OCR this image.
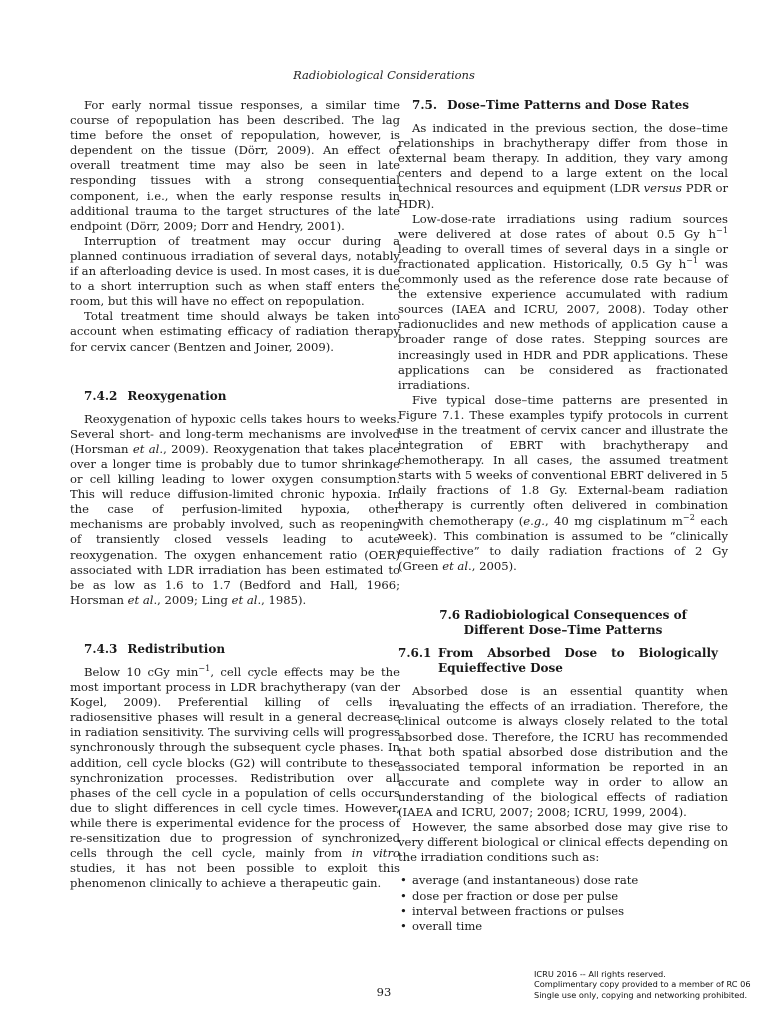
Radiobiological Considerations

For early normal tissue responses, a similar time course of repopulation has been described. The lag time before the onset of repopulation, however, is dependent on the tissue (Dörr, 2009). An effect of overall treatment time may also be seen in late responding tissues with a strong consequential component, i.e., when the early response results in additional trauma to the target structures of the late endpoint (Dörr, 2009; Dorr and Hendry, 2001).

Interruption of treatment may occur during a planned continuous irradiation of several days, notably if an afterloading device is used. In most cases, it is due to a short interruption such as when staff enters the room, but this will have no effect on repopulation.

Total treatment time should always be taken into account when estimating efficacy of radiation therapy for cervix cancer (Bentzen and Joiner, 2009).

7.4.2 Reoxygenation

Reoxygenation of hypoxic cells takes hours to weeks. Several short- and long-term mechanisms are involved (Horsman et al., 2009). Reoxygenation that takes place over a longer time is probably due to tumor shrinkage or cell killing leading to lower oxygen consumption. This will reduce diffusion-limited chronic hypoxia. In the case of perfusion-limited hypoxia, other mechanisms are probably involved, such as reopening of transiently closed vessels leading to acute reoxygenation. The oxygen enhancement ratio (OER) associated with LDR irradiation has been estimated to be as low as 1.6 to 1.7 (Bedford and Hall, 1966; Horsman et al., 2009; Ling et al., 1985).

7.4.3 Redistribution

Below 10 cGy $\min^{-1}$, cell cycle effects may be the most important process in LDR brachytherapy (van der Kogel, 2009). Preferential killing of cells in radiosensitive phases will result in a general decrease in radiation sensitivity. The surviving cells will progress synchronously through the subsequent cycle phases. In addition, cell cycle blocks (G2) will contribute to these synchronization processes. Redistribution over all phases of the cell cycle in a population of cells occurs due to slight differences in cell cycle times. However, while there is experimental evidence for the process of re-sensitization due to progression of synchronized cells through the cell cycle, mainly from in vitro studies, it has not been possible to exploit this phenomenon clinically to achieve a therapeutic gain.

7.5. Dose–Time Patterns and Dose Rates

As indicated in the previous section, the dose–time relationships in brachytherapy differ from those in external beam therapy. In addition, they vary among centers and depend to a large extent on the local technical resources and equipment (LDR versus PDR or HDR).

Low-dose-rate irradiations using radium sources were delivered at dose rates of about 0.5 Gy $h^{-1}$ leading to overall times of several days in a single or fractionated application. Historically, 0.5 Gy $h^{-1}$ was commonly used as the reference dose rate because of the extensive experience accumulated with radium sources (IAEA and ICRU, 2007, 2008). Today other radionuclides and new methods of application cause a broader range of dose rates. Stepping sources are increasingly used in HDR and PDR applications. These applications can be considered as fractionated irradiations.

Five typical dose–time patterns are presented in Figure 7.1. These examples typify protocols in current use in the treatment of cervix cancer and illustrate the integration of EBRT with brachytherapy and chemotherapy. In all cases, the assumed treatment starts with 5 weeks of conventional EBRT delivered in 5 daily fractions of 1.8 Gy. External-beam radiation therapy is currently often delivered in combination with chemotherapy (e.g., 40 mg cisplatinum $m^{-2}$ each week). This combination is assumed to be “clinically equieffective” to daily radiation fractions of 2 Gy (Green et al., 2005).

7.6 Radiobiological Consequences of
Different Dose–Time Patterns
7.6.1 From Absorbed Dose to Biologically Equieffective Dose

Absorbed dose is an essential quantity when evaluating the effects of an irradiation. Therefore, the clinical outcome is always closely related to the total absorbed dose. Therefore, the ICRU has recommended that both spatial absorbed dose distribution and the associated temporal information be reported in an accurate and complete way in order to allow an understanding of the biological effects of radiation (IAEA and ICRU, 2007; 2008; ICRU, 1999, 2004).

However, the same absorbed dose may give rise to very different biological or clinical effects depending on the irradiation conditions such as:

• average (and instantaneous) dose rate
• dose per fraction or dose per pulse
• interval between fractions or pulses
• overall time
93
ICRU 2016 -- All rights reserved.
Complimentary copy provided to a member of RC 06
Single use only, copying and networking prohibited.
